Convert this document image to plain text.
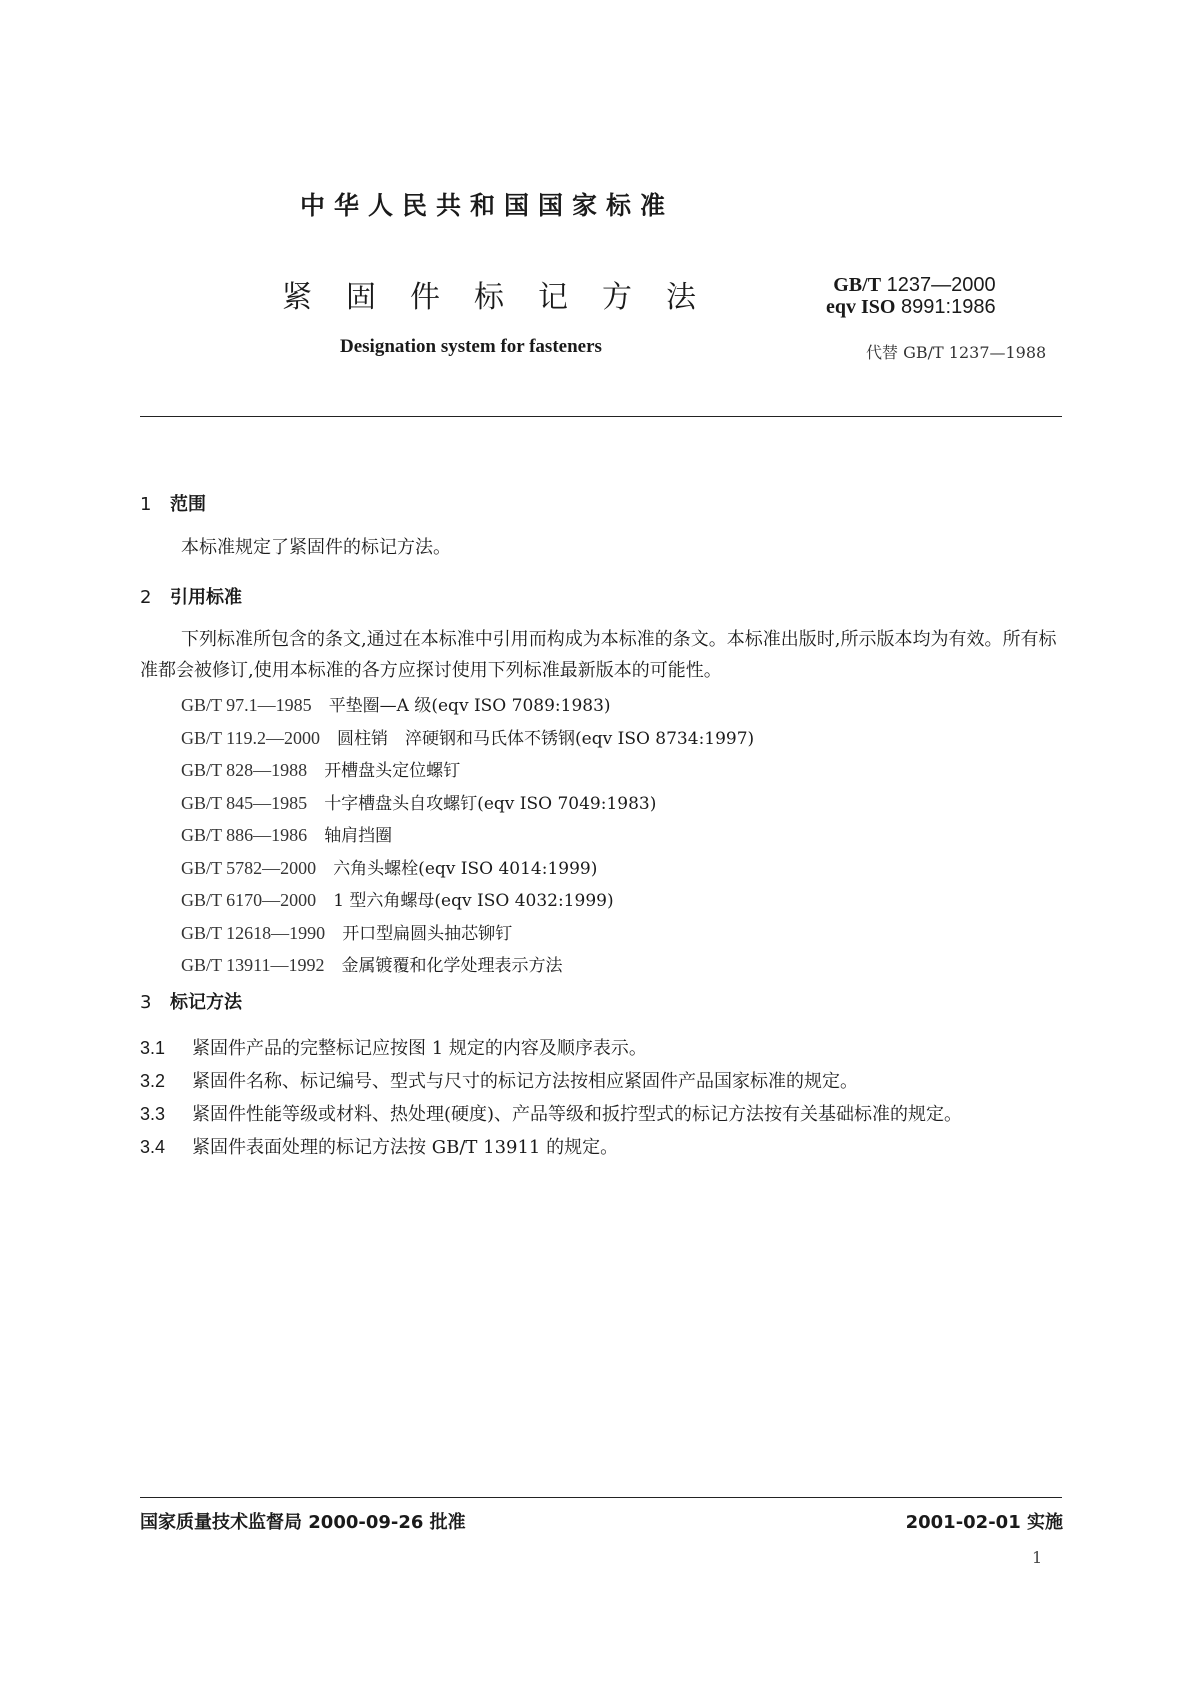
中华人民共和国国家标准
紧固件标记方法
Designation system for fasteners
GB/T 1237—2000
eqv ISO 8991:1986
代替 GB/T 1237—1988
1 范围
本标准规定了紧固件的标记方法。
2 引用标准
下列标准所包含的条文,通过在本标准中引用而构成为本标准的条文。本标准出版时,所示版本均为有效。所有标准都会被修订,使用本标准的各方应探讨使用下列标准最新版本的可能性。
GB/T 97.1—1985　 平垫圈—A 级(eqv ISO 7089:1983)
GB/T 119.2—2000　 圆柱销　淬硬钢和马氏体不锈钢(eqv ISO 8734:1997)
GB/T 828—1988　 开槽盘头定位螺钉
GB/T 845—1985　 十字槽盘头自攻螺钉(eqv ISO 7049:1983)
GB/T 886—1986　 轴肩挡圈
GB/T 5782—2000　 六角头螺栓(eqv ISO 4014:1999)
GB/T 6170—2000　 1 型六角螺母(eqv ISO 4032:1999)
GB/T 12618—1990　 开口型扁圆头抽芯铆钉
GB/T 13911—1992　 金属镀覆和化学处理表示方法
3 标记方法
3.1 紧固件产品的完整标记应按图 1 规定的内容及顺序表示。
3.2 紧固件名称、标记编号、型式与尺寸的标记方法按相应紧固件产品国家标准的规定。
3.3 紧固件性能等级或材料、热处理(硬度)、产品等级和扳拧型式的标记方法按有关基础标准的规定。
3.4 紧固件表面处理的标记方法按 GB/T 13911 的规定。
国家质量技术监督局 2000-09-26 批准	2001-02-01 实施
1
